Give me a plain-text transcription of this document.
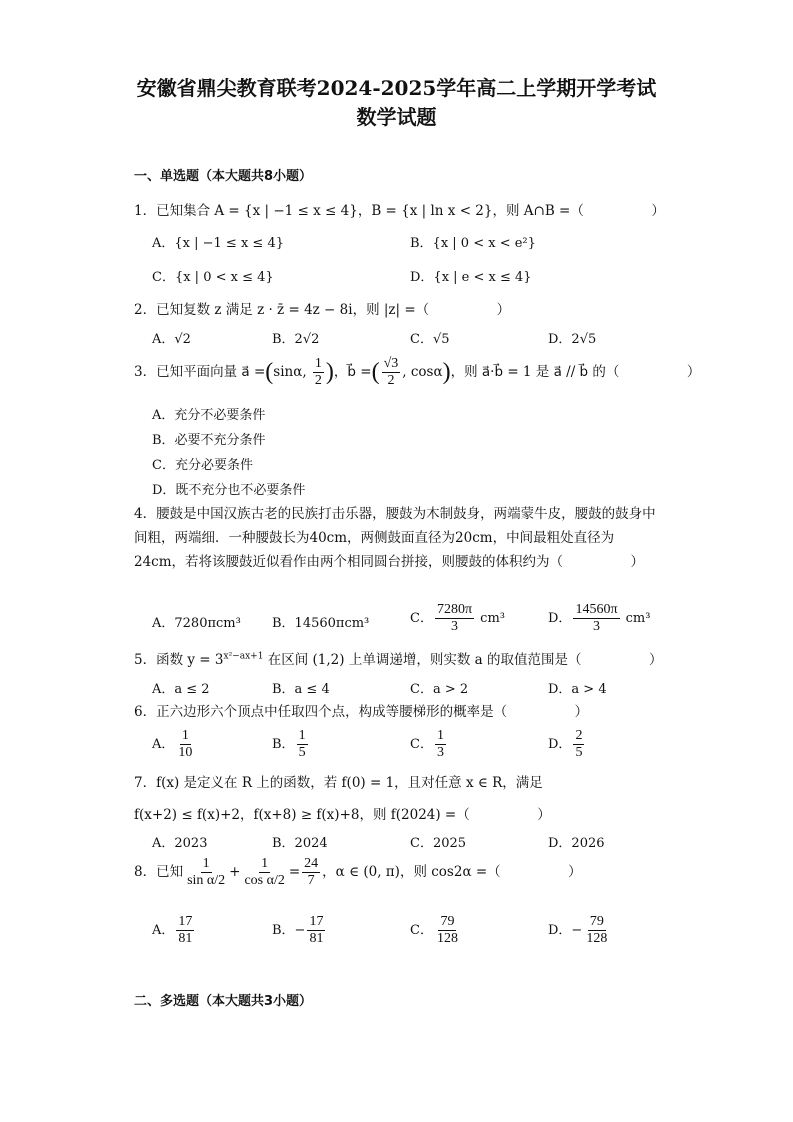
安徽省鼎尖教育联考2024-2025学年高二上学期开学考试
数学试题
一、单选题（本大题共8小题）
1．已知集合 A = {x | −1 ≤ x ≤ 4}，B = {x | ln x < 2}，则 A∩B =（　　　　　）
A．{x | −1 ≤ x ≤ 4}	B．{x | 0 < x < e²}
C．{x | 0 < x ≤ 4}	D．{x | e < x ≤ 4}
2．已知复数 z 满足 z · z̄ = 4z − 8i，则 |z| =（　　　　　）
A．√2	B．2√2	C．√5	D．2√5
3．已知平面向量 a⃗ =(sinα, $\frac{1}{2}$ )，b⃗ =( $\frac{√3}{2}$ , cosα)，则 a⃗·b⃗ = 1 是 a⃗ // b⃗ 的（　　　　　）
A．充分不必要条件
B．必要不充分条件
C．充分必要条件
D．既不充分也不必要条件
4．腰鼓是中国汉族古老的民族打击乐器，腰鼓为木制鼓身，两端蒙牛皮，腰鼓的鼓身中间粗，两端细．一种腰鼓长为40cm，两侧鼓面直径为20cm，中间最粗处直径为24cm，若将该腰鼓近似看作由两个相同圆台拼接，则腰鼓的体积约为（　　　　　）
A．7280πcm³ B．14560πcm³	C． $\frac{7280\pi}{3} cm^3$	D． $\frac{14560\pi}{3} cm^3$
5．函数 $y = 3^{x^2-ax+1}$ 在区间 (1,2) 上单调递增，则实数 a 的取值范围是（　　　　　）
A．a ≤ 2	B．a ≤ 4	C．a > 2	D．a > 4
6．正六边形六个顶点中任取四个点，构成等腰梯形的概率是（　　　　　）
A． $\frac{1}{10}$	B． $\frac{1}{5}$	C． $\frac{1}{3}$	D． $\frac{2}{5}$
7．f(x) 是定义在 R 上的函数，若 f(0) = 1，且对任意 x ∈ R，满足
f(x+2) ≤ f(x)+2，f(x+8) ≥ f(x)+8，则 f(2024) =（　　　　　）
A．2023	B．2024	C．2025	D．2026
8．已知 $\frac{1}{\text{sin α/2}} + \frac{1}{\text{cos α/2}} = \frac{24}{7}$ ，α ∈ (0, π)，则 cos2α =（　　　　　）
A． $\frac{17}{81}$	B．− $\frac{17}{81}$	C． $\frac{79}{128}$	D．− $\frac{79}{128}$
二、多选题（本大题共3小题）
